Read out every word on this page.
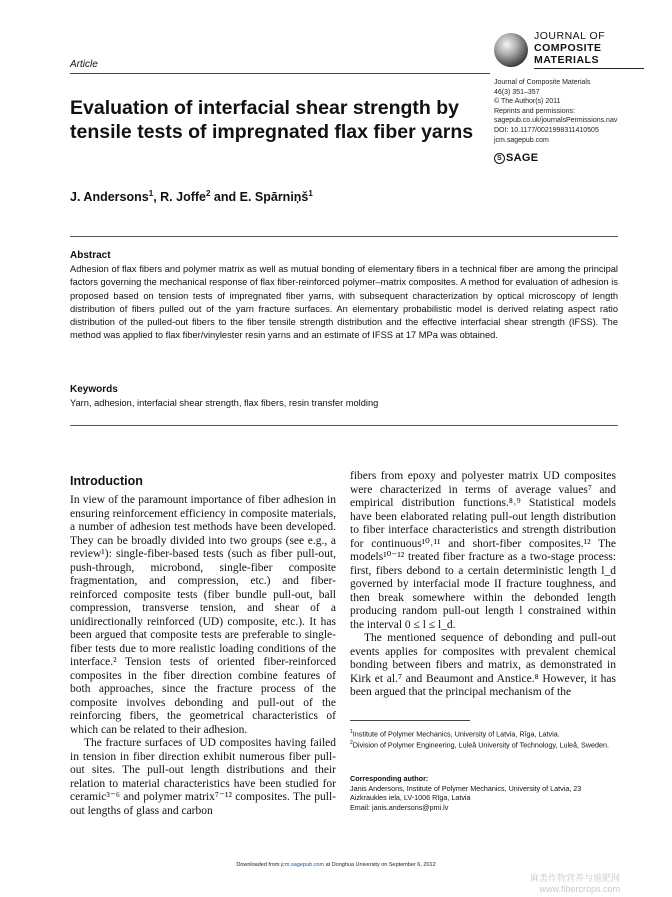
Article
JOURNAL OF
COMPOSITE
MATERIALS
Journal of Composite Materials
46(3) 351–357
© The Author(s) 2011
Reprints and permissions:
sagepub.co.uk/journalsPermissions.nav
DOI: 10.1177/0021998311410505
jcm.sagepub.com
S SAGE
Evaluation of interfacial shear strength by tensile tests of impregnated flax fiber yarns
J. Andersons$^1$, R. Joffe$^2$ and E. Spārniņš$^1$
Abstract
Adhesion of flax fibers and polymer matrix as well as mutual bonding of elementary fibers in a technical fiber are among the principal factors governing the mechanical response of flax fiber-reinforced polymer–matrix composites. A method for evaluation of adhesion is proposed based on tension tests of impregnated fiber yarns, with subsequent characterization by optical microscopy of length distribution of fibers pulled out of the yarn fracture surfaces. An elementary probabilistic model is derived relating aspect ratio distribution of the pulled-out fibers to the fiber tensile strength distribution and the effective interfacial shear strength (IFSS). The method was applied to flax fiber/vinylester resin yarns and an estimate of IFSS at 17 MPa was obtained.
Keywords
Yarn, adhesion, interfacial shear strength, flax fibers, resin transfer molding
Introduction

In view of the paramount importance of fiber adhesion in ensuring reinforcement efficiency in composite materials, a number of adhesion test methods have been developed. They can be broadly divided into two groups (see e.g., a review¹): single-fiber-based tests (such as fiber pull-out, push-through, microbond, single-fiber composite fragmentation, and compression, etc.) and fiber-reinforced composite tests (fiber bundle pull-out, ball compression, transverse tension, and shear of a unidirectionally reinforced (UD) composite, etc.). It has been argued that composite tests are preferable to single-fiber tests due to more realistic loading conditions of the interface.² Tension tests of oriented fiber-reinforced composites in the fiber direction combine features of both approaches, since the fracture process of the composite involves debonding and pull-out of the reinforcing fibers, the geometrical characteristics of which can be related to their adhesion.

The fracture surfaces of UD composites having failed in tension in fiber direction exhibit numerous fiber pull-out sites. The pull-out length distributions and their relation to material characteristics have been studied for ceramic³⁻⁶ and polymer matrix⁷⁻¹² composites. The pull-out lengths of glass and carbon

fibers from epoxy and polyester matrix UD composites were characterized in terms of average values⁷ and empirical distribution functions.⁸˒⁹ Statistical models have been elaborated relating pull-out length distribution to fiber interface characteristics and strength distribution for continuous¹⁰˒¹¹ and short-fiber composites.¹² The models¹⁰⁻¹² treated fiber fracture as a two-stage process: first, fibers debond to a certain deterministic length l_d governed by interfacial mode II fracture toughness, and then break somewhere within the debonded length producing random pull-out length l constrained within the interval 0 ≤ l ≤ l_d.

The mentioned sequence of debonding and pull-out events applies for composites with prevalent chemical bonding between fibers and matrix, as demonstrated in Kirk et al.⁷ and Beaumont and Anstice.⁸ However, it has been argued that the principal mechanism of the

$^1$Institute of Polymer Mechanics, University of Latvia, Rīga, Latvia.
$^2$Division of Polymer Engineering, Luleå University of Technology, Luleå, Sweden.
Corresponding author:
Janis Andersons, Institute of Polymer Mechanics, University of Latvia, 23 Aizkraukles iela, LV-1006 Rīga, Latvia
Email: janis.andersons@pmi.lv
Downloaded from jcm.sagepub.com at Donghua University on September 6, 2012
麻类作物营养与施肥网
www.fibercrops.com
